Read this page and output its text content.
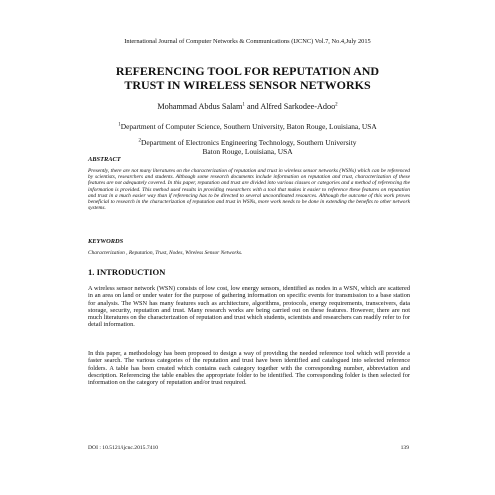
International Journal of Computer Networks & Communications (IJCNC) Vol.7, No.4,July 2015
REFERENCING TOOL FOR REPUTATION AND
TRUST IN WIRELESS SENSOR NETWORKS
Mohammad Abdus Salam$^1$ and Alfred Sarkodee-Adoo$^2$
$^1$Department of Computer Science, Southern University, Baton Rouge, Louisiana, USA
$^2$Department of Electronics Engineering Technology, Southern University
Baton Rouge, Louisiana, USA
ABSTRACT
Presently, there are not many literatures on the characterization of reputation and trust in wireless sensor networks (WSNs) which can be referenced by scientists, researchers and students. Although some research documents include information on reputation and trust, characterization of these features are not adequately covered. In this paper, reputation and trust are divided into various classes or categories and a method of referencing the information is provided. This method used results in providing researchers with a tool that makes it easier to reference these features on reputation and trust in a much easier way than if referencing has to be directed to several uncoordinated resources. Although the outcome of this work proves beneficial to research in the characterization of reputation and trust in WSNs, more work needs to be done in extending the benefits to other network systems.
KEYWORDS
Characterization , Reputation, Trust, Nodes, Wireless Sensor Networks.
1. INTRODUCTION
A wireless sensor network (WSN) consists of low cost, low energy sensors, identified as nodes in a WSN, which are scattered in an area on land or under water for the purpose of gathering information on specific events for transmission to a base station for analysis. The WSN has many features such as architecture, algorithms, protocols, energy requirements, transceivers, data storage, security, reputation and trust. Many research works are being carried out on these features. However, there are not much literatures on the characterization of reputation and trust which students, scientists and researchers can readily refer to for detail information.
In this paper, a methodology has been proposed to design a way of providing the needed reference tool which will provide a faster search. The various categories of the reputation and trust have been identified and catalogued into selected reference folders. A table has been created which contains each category together with the corresponding number, abbreviation and description. Referencing the table enables the appropriate folder to be identified. The corresponding folder is then selected for information on the category of reputation and/or trust required.
DOI : 10.5121/ijcnc.2015.7410	139
